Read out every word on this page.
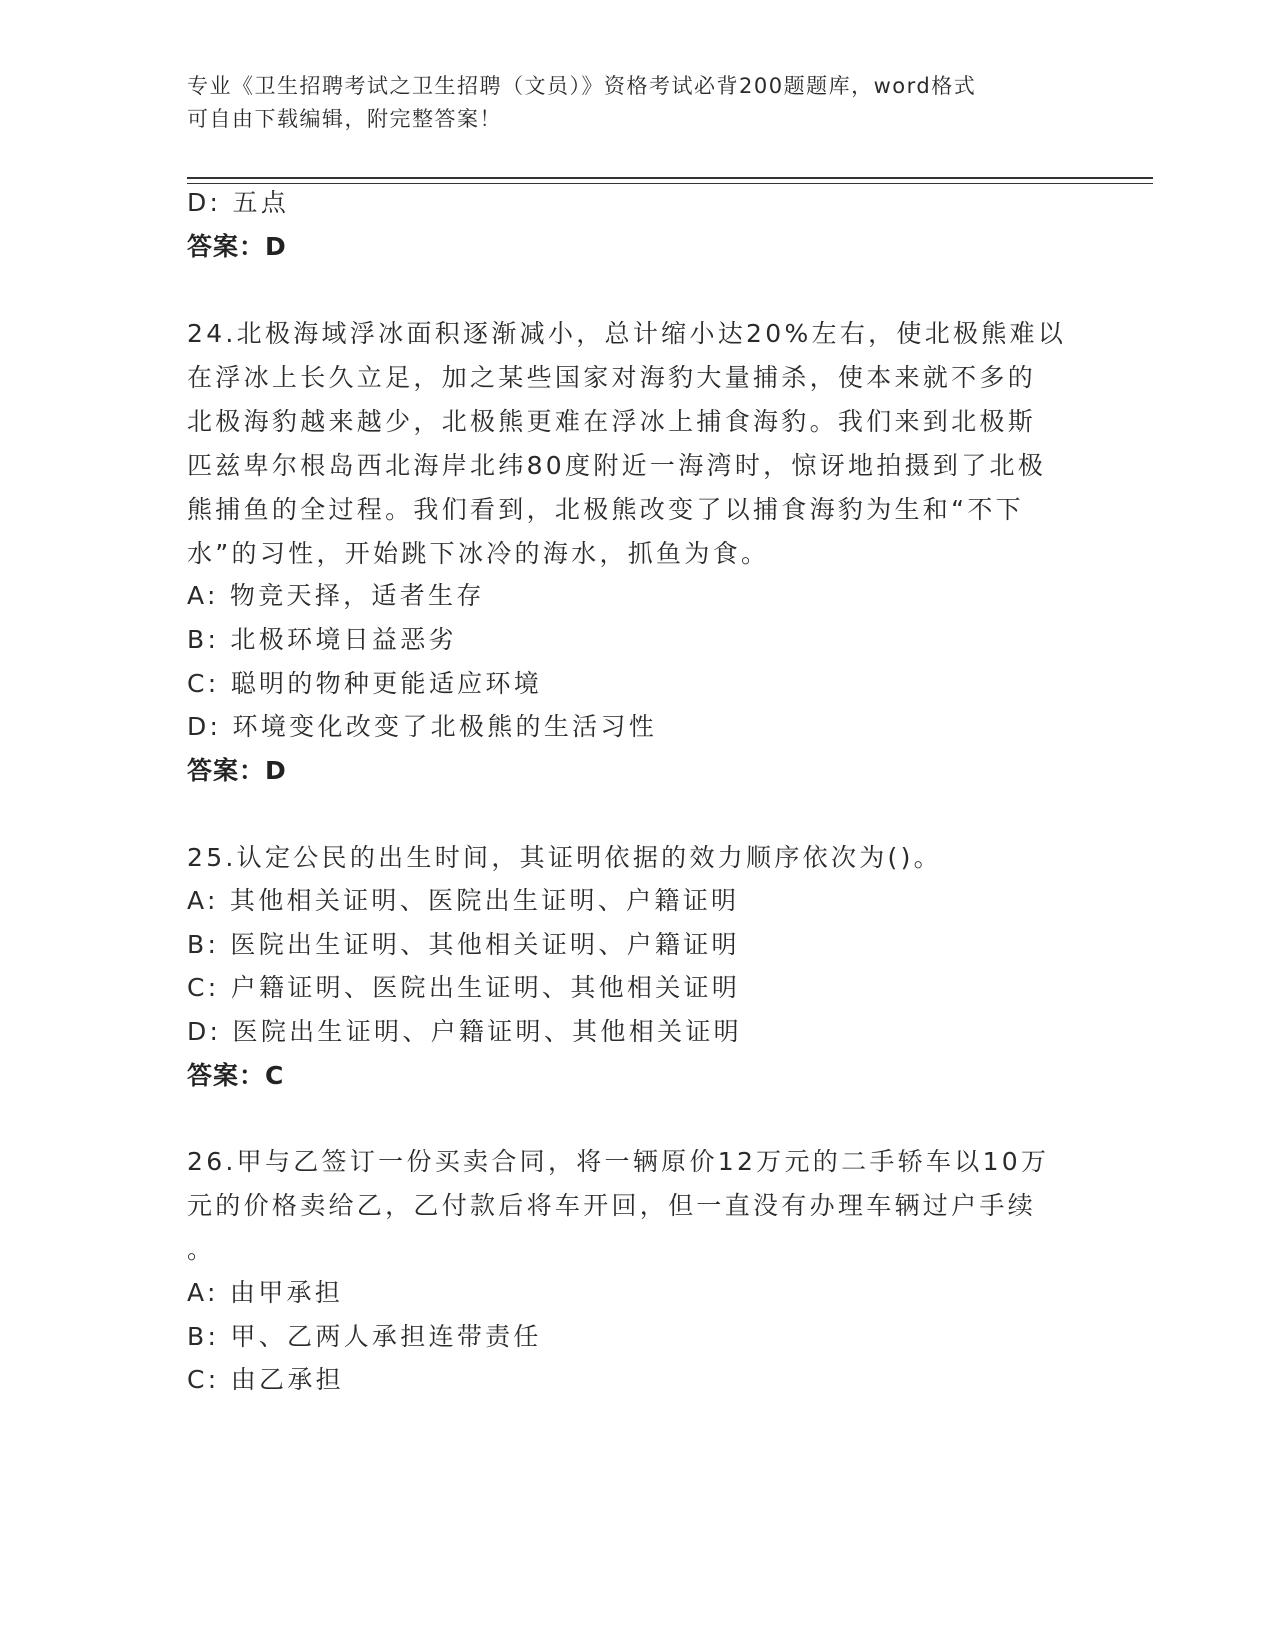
专业《卫生招聘考试之卫生招聘（文员）》资格考试必背200题题库，word格式
可自由下载编辑，附完整答案！
D: 五点
答案：D
24.北极海域浮冰面积逐渐减小，总计缩小达20%左右，使北极熊难以
在浮冰上长久立足，加之某些国家对海豹大量捕杀，使本来就不多的
北极海豹越来越少，北极熊更难在浮冰上捕食海豹。我们来到北极斯
匹兹卑尔根岛西北海岸北纬80度附近一海湾时，惊讶地拍摄到了北极
熊捕鱼的全过程。我们看到，北极熊改变了以捕食海豹为生和“不下
水”的习性，开始跳下冰冷的海水，抓鱼为食。
A: 物竞天择，适者生存
B: 北极环境日益恶劣
C: 聪明的物种更能适应环境
D: 环境变化改变了北极熊的生活习性
答案：D
25.认定公民的出生时间，其证明依据的效力顺序依次为()。
A: 其他相关证明、医院出生证明、户籍证明
B: 医院出生证明、其他相关证明、户籍证明
C: 户籍证明、医院出生证明、其他相关证明
D: 医院出生证明、户籍证明、其他相关证明
答案：C
26.甲与乙签订一份买卖合同，将一辆原价12万元的二手轿车以10万
元的价格卖给乙，乙付款后将车开回，但一直没有办理车辆过户手续
。
A: 由甲承担
B: 甲、乙两人承担连带责任
C: 由乙承担
